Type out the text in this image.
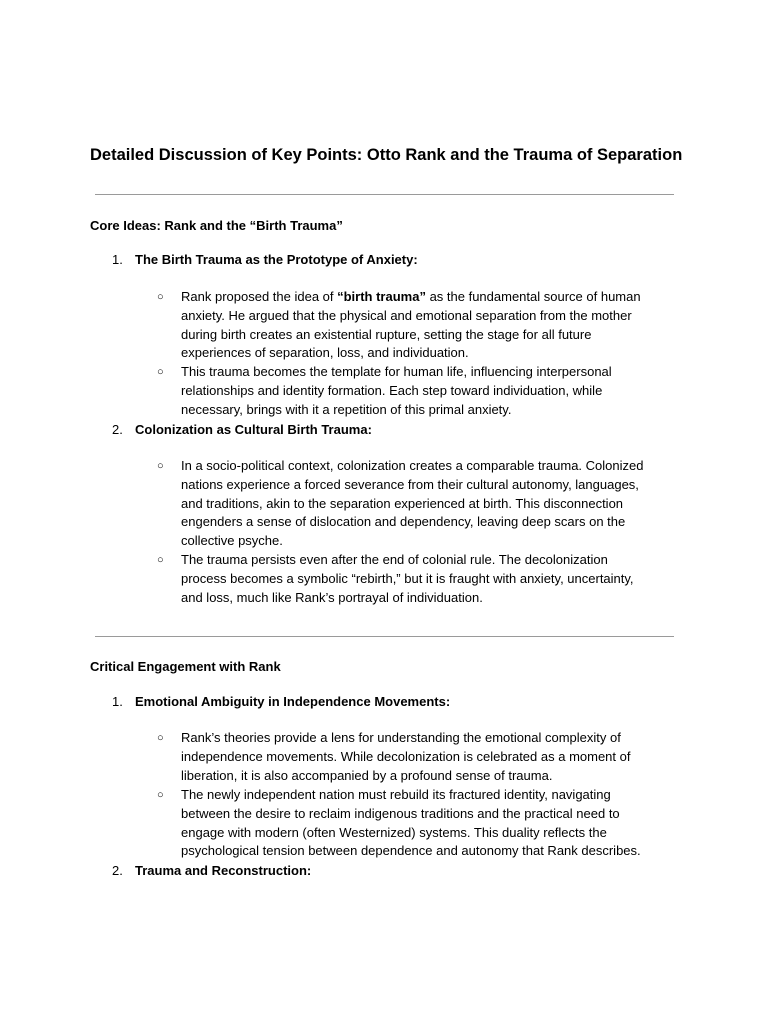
Detailed Discussion of Key Points: Otto Rank and the Trauma of Separation
Core Ideas: Rank and the “Birth Trauma”
1. The Birth Trauma as the Prototype of Anxiety:
○ Rank proposed the idea of “birth trauma” as the fundamental source of human
anxiety. He argued that the physical and emotional separation from the mother
during birth creates an existential rupture, setting the stage for all future
experiences of separation, loss, and individuation.
○ This trauma becomes the template for human life, influencing interpersonal
relationships and identity formation. Each step toward individuation, while
necessary, brings with it a repetition of this primal anxiety.
2. Colonization as Cultural Birth Trauma:
○ In a socio-political context, colonization creates a comparable trauma. Colonized
nations experience a forced severance from their cultural autonomy, languages,
and traditions, akin to the separation experienced at birth. This disconnection
engenders a sense of dislocation and dependency, leaving deep scars on the
collective psyche.
○ The trauma persists even after the end of colonial rule. The decolonization
process becomes a symbolic “rebirth,” but it is fraught with anxiety, uncertainty,
and loss, much like Rank’s portrayal of individuation.
Critical Engagement with Rank
1. Emotional Ambiguity in Independence Movements:
○ Rank’s theories provide a lens for understanding the emotional complexity of
independence movements. While decolonization is celebrated as a moment of
liberation, it is also accompanied by a profound sense of trauma.
○ The newly independent nation must rebuild its fractured identity, navigating
between the desire to reclaim indigenous traditions and the practical need to
engage with modern (often Westernized) systems. This duality reflects the
psychological tension between dependence and autonomy that Rank describes.
2. Trauma and Reconstruction:
